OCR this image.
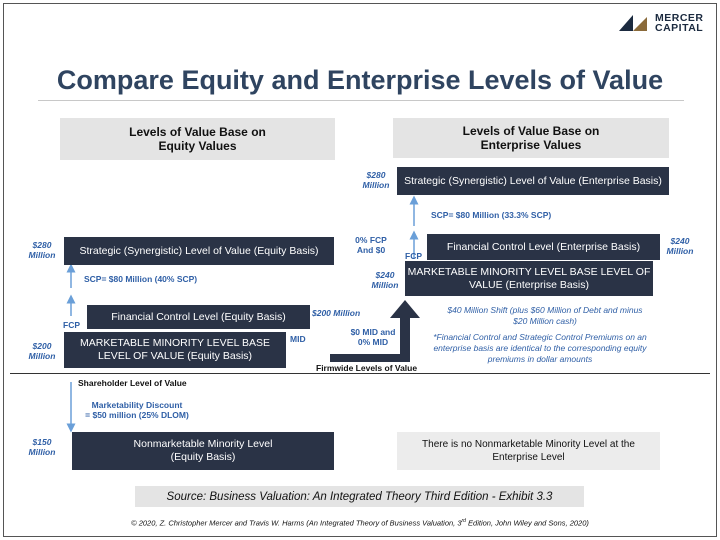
MERCER
CAPITAL
Compare Equity and Enterprise Levels of Value
Levels of Value Base on
Equity Values
Levels of Value Base on
Enterprise Values
$280
Million	Strategic (Synergistic) Level of Value (Equity Basis)
SCP= $80 Million (40% SCP)
FCP
Financial Control Level (Equity Basis)	$200 Million
$200
Million
MARKETABLE MINORITY LEVEL BASE
LEVEL OF VALUE (Equity Basis)
MID
Firmwide Levels of Value
Shareholder Level of Value
Marketability Discount
= $50 million (25% DLOM)
$150
Million
Nonmarketable Minority Level
(Equity Basis)
$280
Million	Strategic (Synergistic) Level of Value (Enterprise Basis)
SCP= $80 Million (33.3% SCP)
0% FCP
And $0
FCP
Financial Control Level (Enterprise Basis)	$240
Million
$240
Million
MARKETABLE MINORITY LEVEL BASE LEVEL OF
VALUE (Enterprise Basis)
$40 Million Shift (plus $60 Million of Debt and minus
$20 Million cash)
$0 MID and
0% MID	*Financial Control and Strategic Control Premiums on an
enterprise basis are identical to the corresponding equity
premiums in dollar amounts
There is no Nonmarketable Minority Level at the
Enterprise Level
Source: Business Valuation: An Integrated Theory Third Edition - Exhibit 3.3
© 2020, Z. Christopher Mercer and Travis W. Harms (An Integrated Theory of Business Valuation, 3rd Edition, John Wiley and Sons, 2020)
